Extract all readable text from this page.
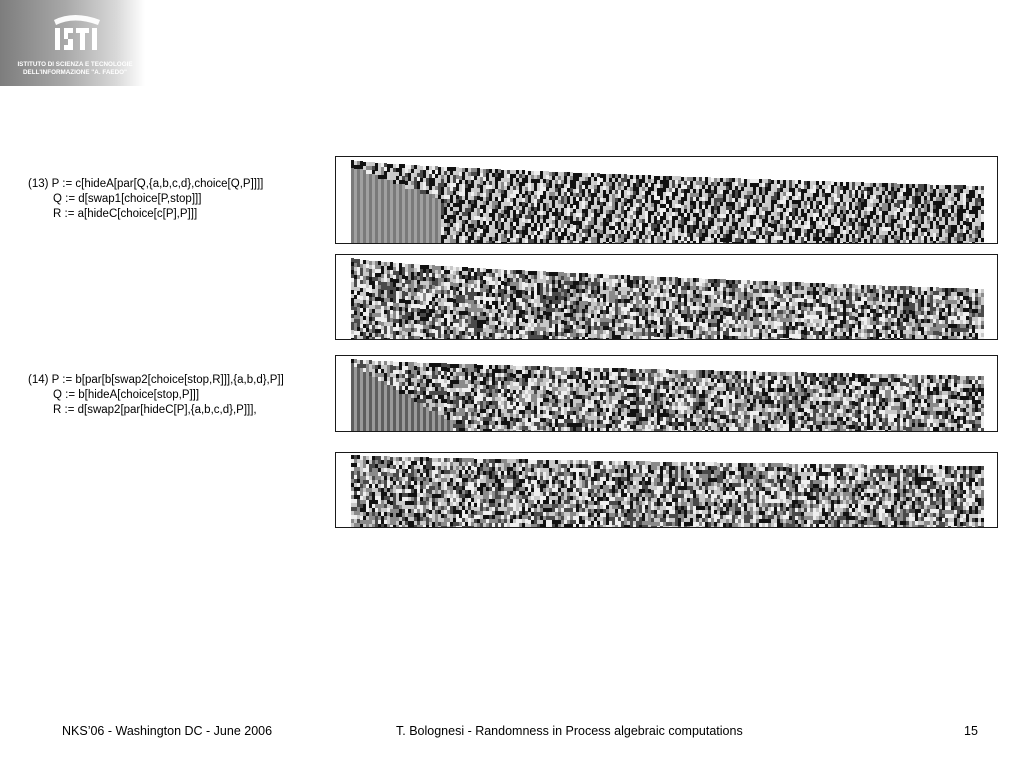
ISTITUTO DI SCIENZA E TECNOLOGIE
DELL'INFORMAZIONE "A. FAEDO"
(13) P := c[hideA[par[Q,{a,b,c,d},choice[Q,P]]]]
Q := d[swap1[choice[P,stop]]]
R := a[hideC[choice[c[P],P]]]
(14) P := b[par[b[swap2[choice[stop,R]]],{a,b,d},P]]
Q := b[hideA[choice[stop,P]]]
R := d[swap2[par[hideC[P],{a,b,c,d},P]]],
NKS’06 - Washington DC - June 2006	T. Bolognesi - Randomness in Process algebraic computations	15
